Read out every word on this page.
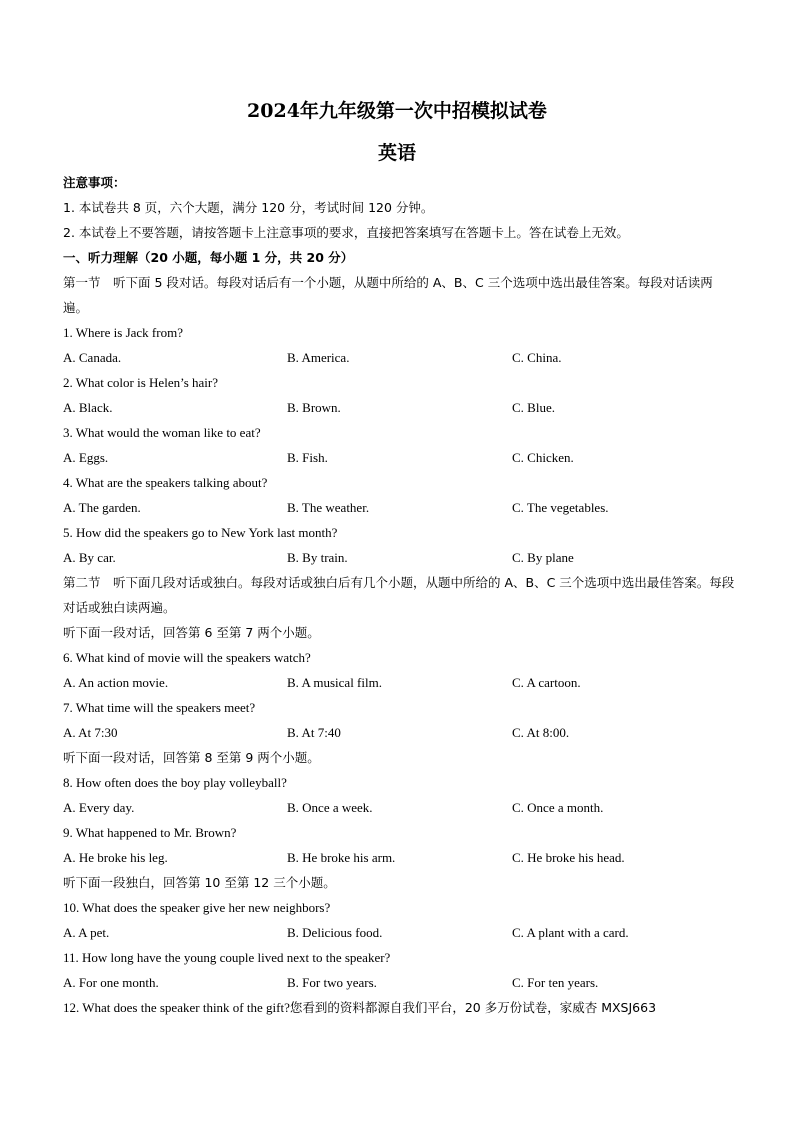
2024年九年级第一次中招模拟试卷
英语
注意事项：
1. 本试卷共 8 页，六个大题，满分 120 分，考试时间 120 分钟。
2. 本试卷上不要答题，请按答题卡上注意事项的要求，直接把答案填写在答题卡上。答在试卷上无效。
一、听力理解（20 小题，每小题 1 分，共 20 分）
第一节　听下面 5 段对话。每段对话后有一个小题，从题中所给的 A、B、C 三个选项中选出最佳答案。每段对话读两遍。
1. Where is Jack from?
A. Canada.	B. America.	C. China.
2. What color is Helen’s hair?
A. Black.	B. Brown.	C. Blue.
3. What would the woman like to eat?
A. Eggs.	B. Fish.	C. Chicken.
4. What are the speakers talking about?
A. The garden.	B. The weather.	C. The vegetables.
5. How did the speakers go to New York last month?
A. By car.	B. By train.	C. By plane
第二节　听下面几段对话或独白。每段对话或独白后有几个小题，从题中所给的 A、B、C 三个选项中选出最佳答案。每段对话或独白读两遍。
听下面一段对话，回答第 6 至第 7 两个小题。
6. What kind of movie will the speakers watch?
A. An action movie.	B. A musical film.	C. A cartoon.
7. What time will the speakers meet?
A. At 7:30	B. At 7:40	C. At 8:00.
听下面一段对话，回答第 8 至第 9 两个小题。
8. How often does the boy play volleyball?
A. Every day.	B. Once a week.	C. Once a month.
9. What happened to Mr. Brown?
A. He broke his leg.	B. He broke his arm.	C. He broke his head.
听下面一段独白，回答第 10 至第 12 三个小题。
10. What does the speaker give her new neighbors?
A. A pet.	B. Delicious food.	C. A plant with a card.
11. How long have the young couple lived next to the speaker?
A. For one month.	B. For two years.	C. For ten years.
12. What does the speaker think of the gift?您看到的资料都源自我们平台，20 多万份试卷，家威杏 MXSJ663
